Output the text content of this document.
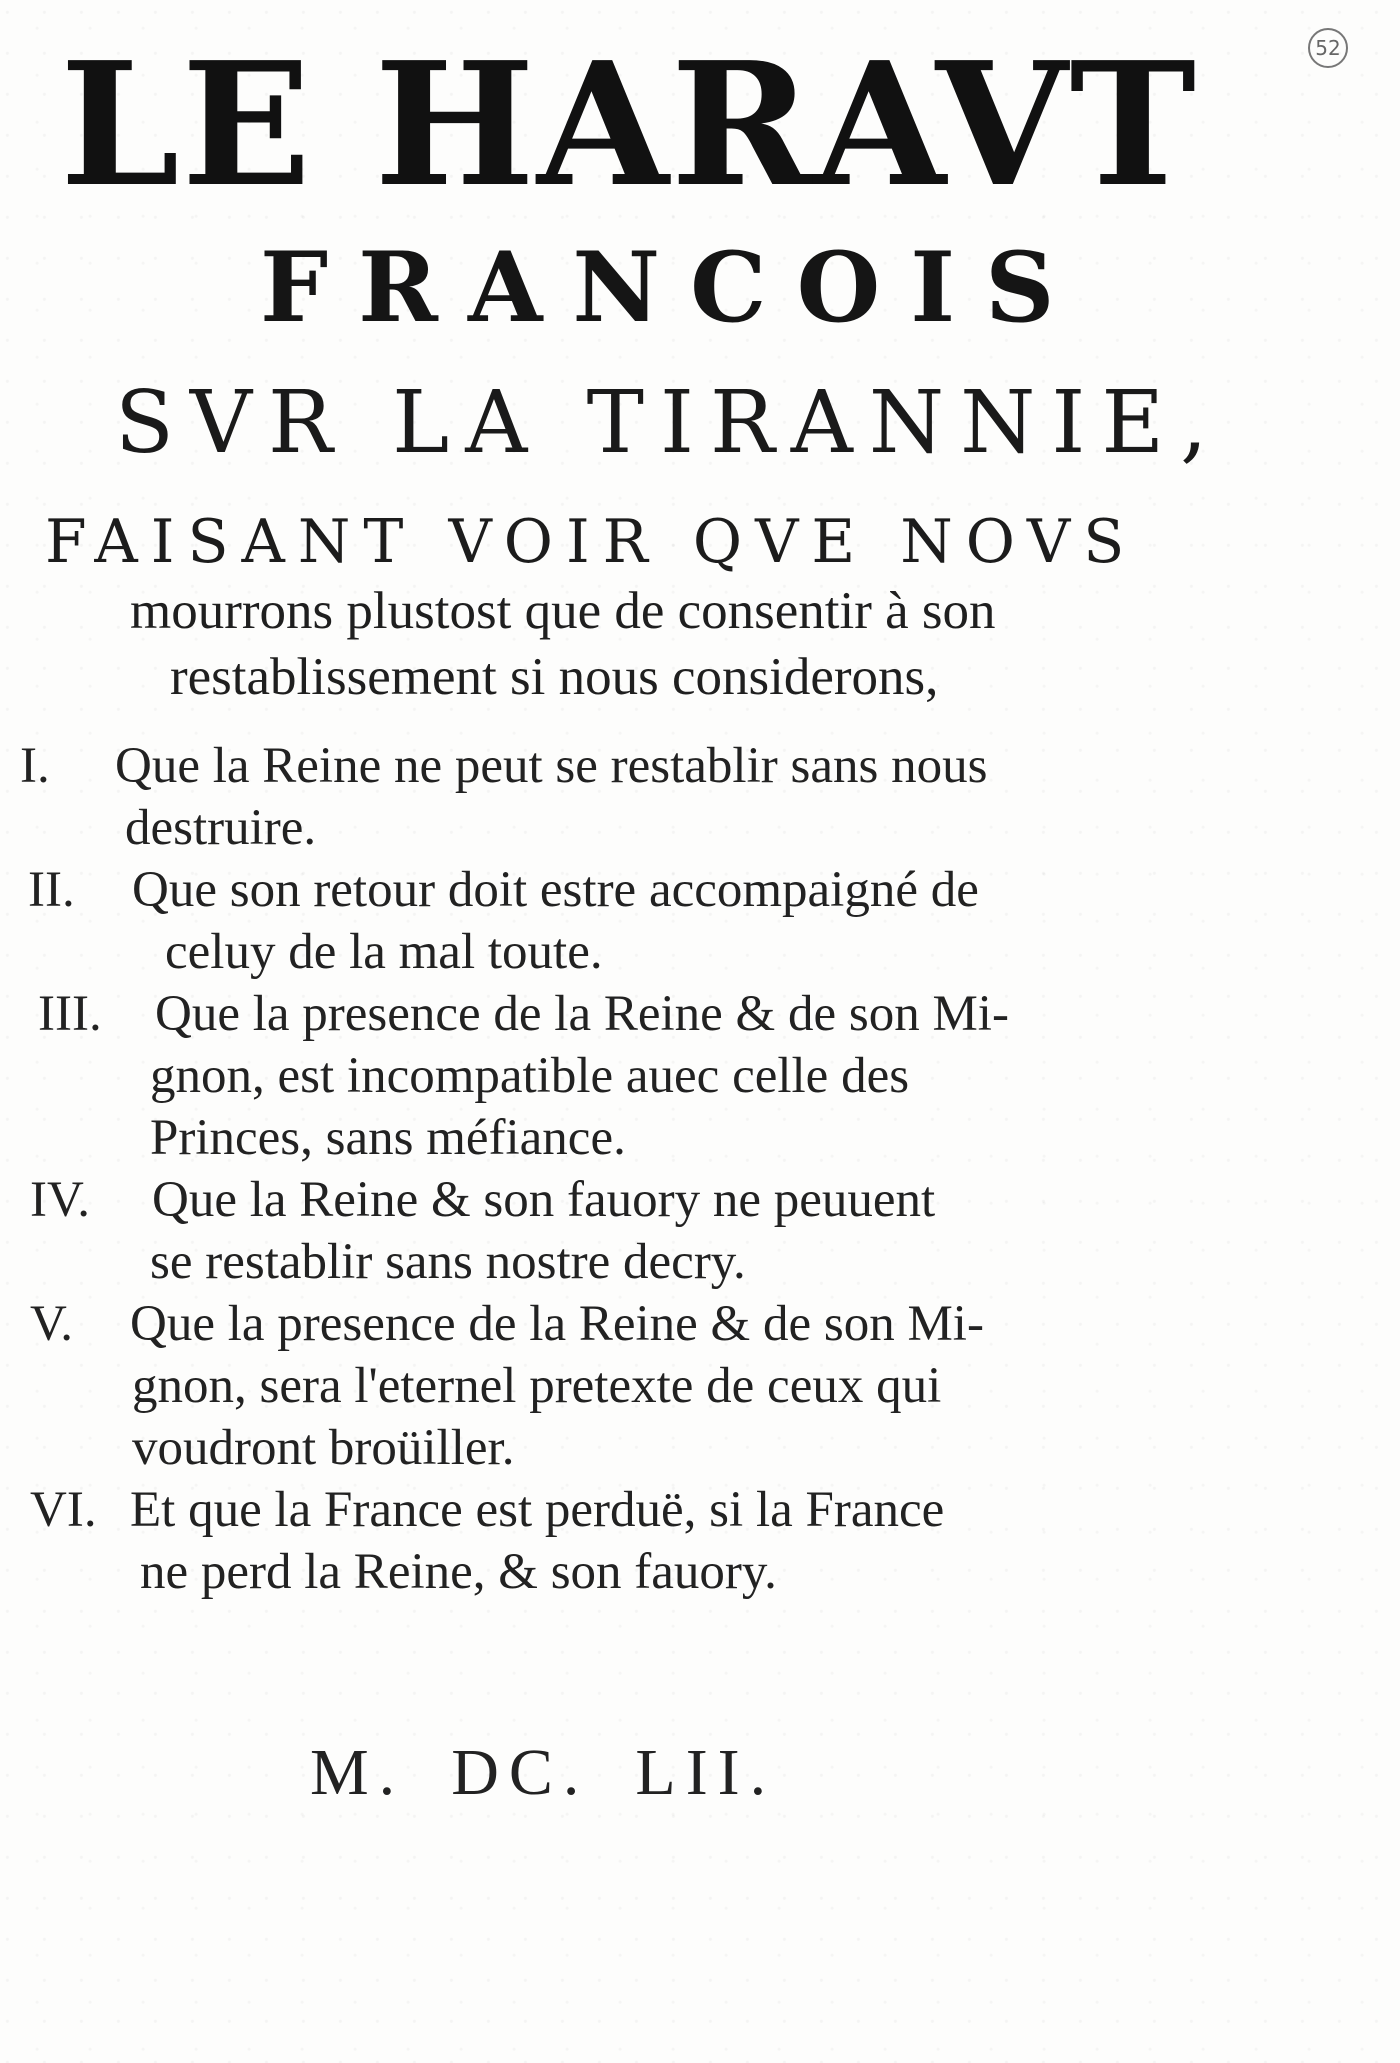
52
LE HARAVT
FRANCOIS
SVR LA TIRANNIE,
FAISANT VOIR QVE NOVS
mourrons plustost que de consentir à son
restablissement si nous considerons,
I.	Que la Reine ne peut se restablir sans nous
destruire.
II.	Que son retour doit estre accompaigné de
celuy de la mal toute.
III.	Que la presence de la Reine & de son Mi-
gnon, est incompatible auec celle des
Princes, sans méfiance.
IV.	Que la Reine & son fauory ne peuuent
se restablir sans nostre decry.
V.	Que la presence de la Reine & de son Mi-
gnon, sera l'eternel pretexte de ceux qui
voudront broüiller.
VI. Et que la France est perduë, si la France
ne perd la Reine, & son fauory.
M. DC. LII.
